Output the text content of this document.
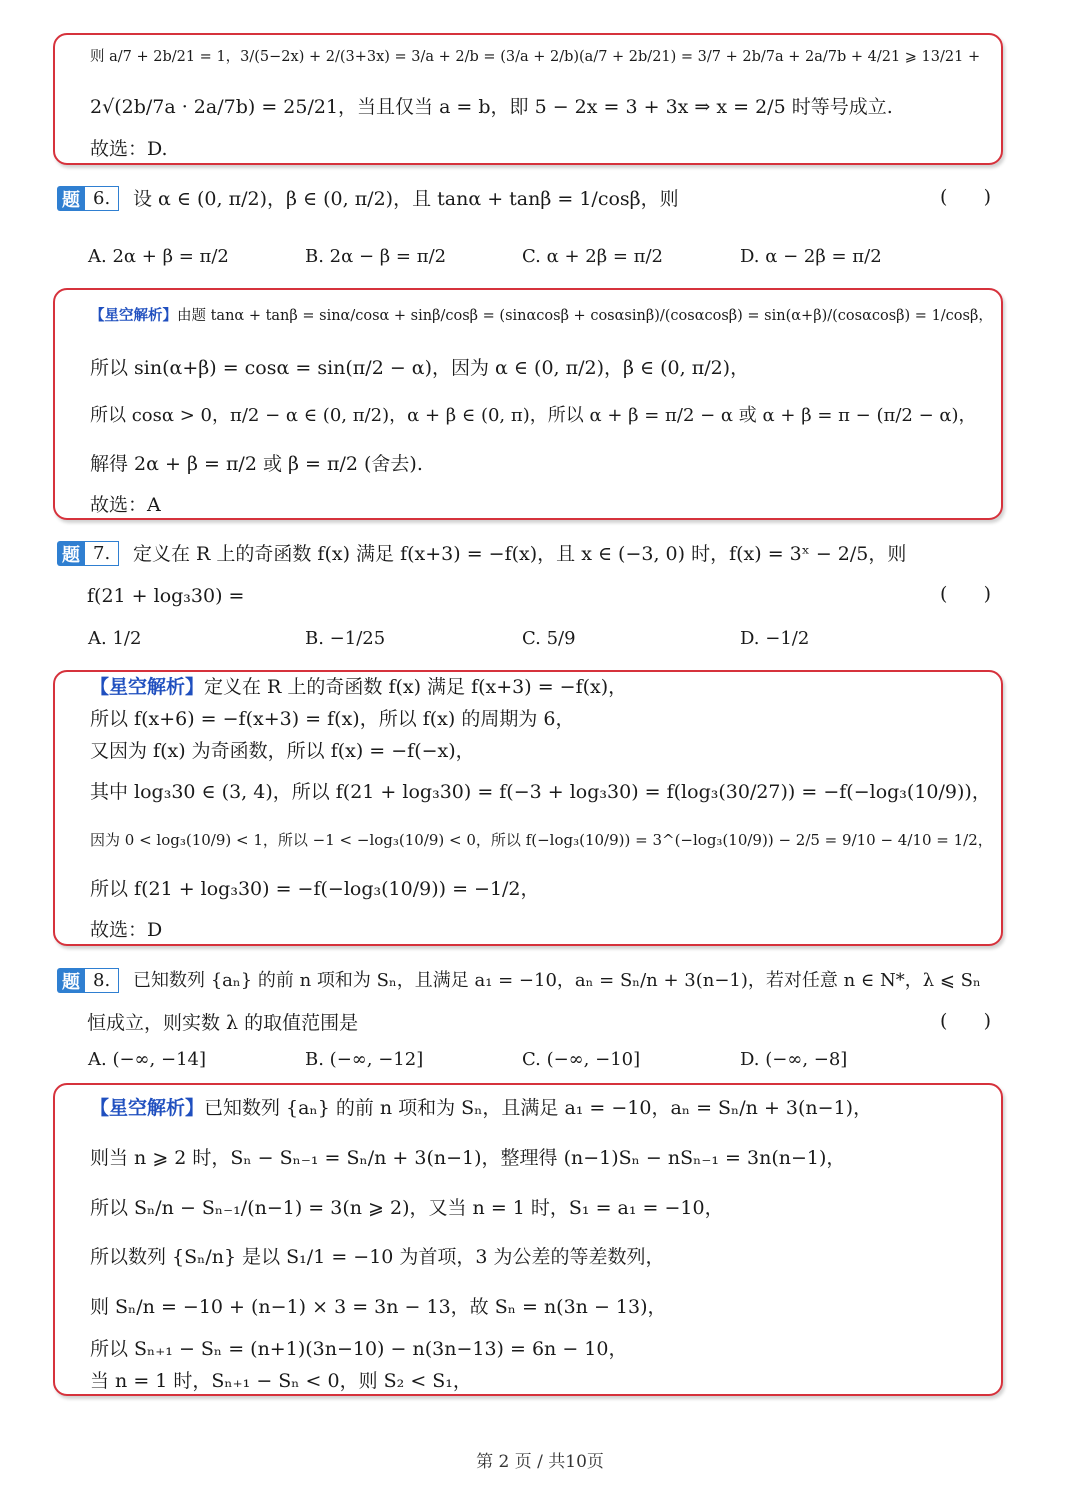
则 a/7 + 2b/21 = 1，3/(5−2x) + 2/(3+3x) = 3/a + 2/b = (3/a + 2/b)(a/7 + 2b/21) = 3/7 + 2b/7a + 2a/7b + 4/21 ⩾ 13/21 +
2√(2b/7a · 2a/7b) = 25/21，当且仅当 a = b，即 5 − 2x = 3 + 3x ⇒ x = 2/5 时等号成立.
故选：D.
题 6.	设 α ∈ (0, π/2)，β ∈ (0, π/2)，且 tanα + tanβ = 1/cosβ，则	(      )
A. 2α + β = π/2	B. 2α − β = π/2	C. α + 2β = π/2	D. α − 2β = π/2
【星空解析】由题 tanα + tanβ = sinα/cosα + sinβ/cosβ = (sinαcosβ + cosαsinβ)/(cosαcosβ) = sin(α+β)/(cosαcosβ) = 1/cosβ，
所以 sin(α+β) = cosα = sin(π/2 − α)，因为 α ∈ (0, π/2)，β ∈ (0, π/2)，
所以 cosα > 0，π/2 − α ∈ (0, π/2)，α + β ∈ (0, π)，所以 α + β = π/2 − α 或 α + β = π − (π/2 − α)，
解得 2α + β = π/2 或 β = π/2 (舍去).
故选：A
题 7.	定义在 R 上的奇函数 f(x) 满足 f(x+3) = −f(x)，且 x ∈ (−3, 0) 时，f(x) = 3ˣ − 2/5，则
f(21 + log₃30) =	(      )
A. 1/2	B. −1/25	C. 5/9	D. −1/2
【星空解析】定义在 R 上的奇函数 f(x) 满足 f(x+3) = −f(x)，
所以 f(x+6) = −f(x+3) = f(x)，所以 f(x) 的周期为 6，
又因为 f(x) 为奇函数，所以 f(x) = −f(−x)，
其中 log₃30 ∈ (3, 4)，所以 f(21 + log₃30) = f(−3 + log₃30) = f(log₃(30/27)) = −f(−log₃(10/9))，
因为 0 < log₃(10/9) < 1，所以 −1 < −log₃(10/9) < 0，所以 f(−log₃(10/9)) = 3^(−log₃(10/9)) − 2/5 = 9/10 − 4/10 = 1/2，
所以 f(21 + log₃30) = −f(−log₃(10/9)) = −1/2，
故选：D
题 8.	已知数列 {aₙ} 的前 n 项和为 Sₙ，且满足 a₁ = −10，aₙ = Sₙ/n + 3(n−1)，若对任意 n ∈ N*，λ ⩽ Sₙ
恒成立，则实数 λ 的取值范围是	(      )
A. (−∞, −14]	B. (−∞, −12]	C. (−∞, −10]	D. (−∞, −8]
【星空解析】已知数列 {aₙ} 的前 n 项和为 Sₙ，且满足 a₁ = −10，aₙ = Sₙ/n + 3(n−1)，
则当 n ⩾ 2 时，Sₙ − Sₙ₋₁ = Sₙ/n + 3(n−1)，整理得 (n−1)Sₙ − nSₙ₋₁ = 3n(n−1)，
所以 Sₙ/n − Sₙ₋₁/(n−1) = 3(n ⩾ 2)，又当 n = 1 时，S₁ = a₁ = −10，
所以数列 {Sₙ/n} 是以 S₁/1 = −10 为首项，3 为公差的等差数列，
则 Sₙ/n = −10 + (n−1) × 3 = 3n − 13，故 Sₙ = n(3n − 13)，
所以 Sₙ₊₁ − Sₙ = (n+1)(3n−10) − n(3n−13) = 6n − 10，
当 n = 1 时，Sₙ₊₁ − Sₙ < 0，则 S₂ < S₁，
第 2 页 / 共10页
